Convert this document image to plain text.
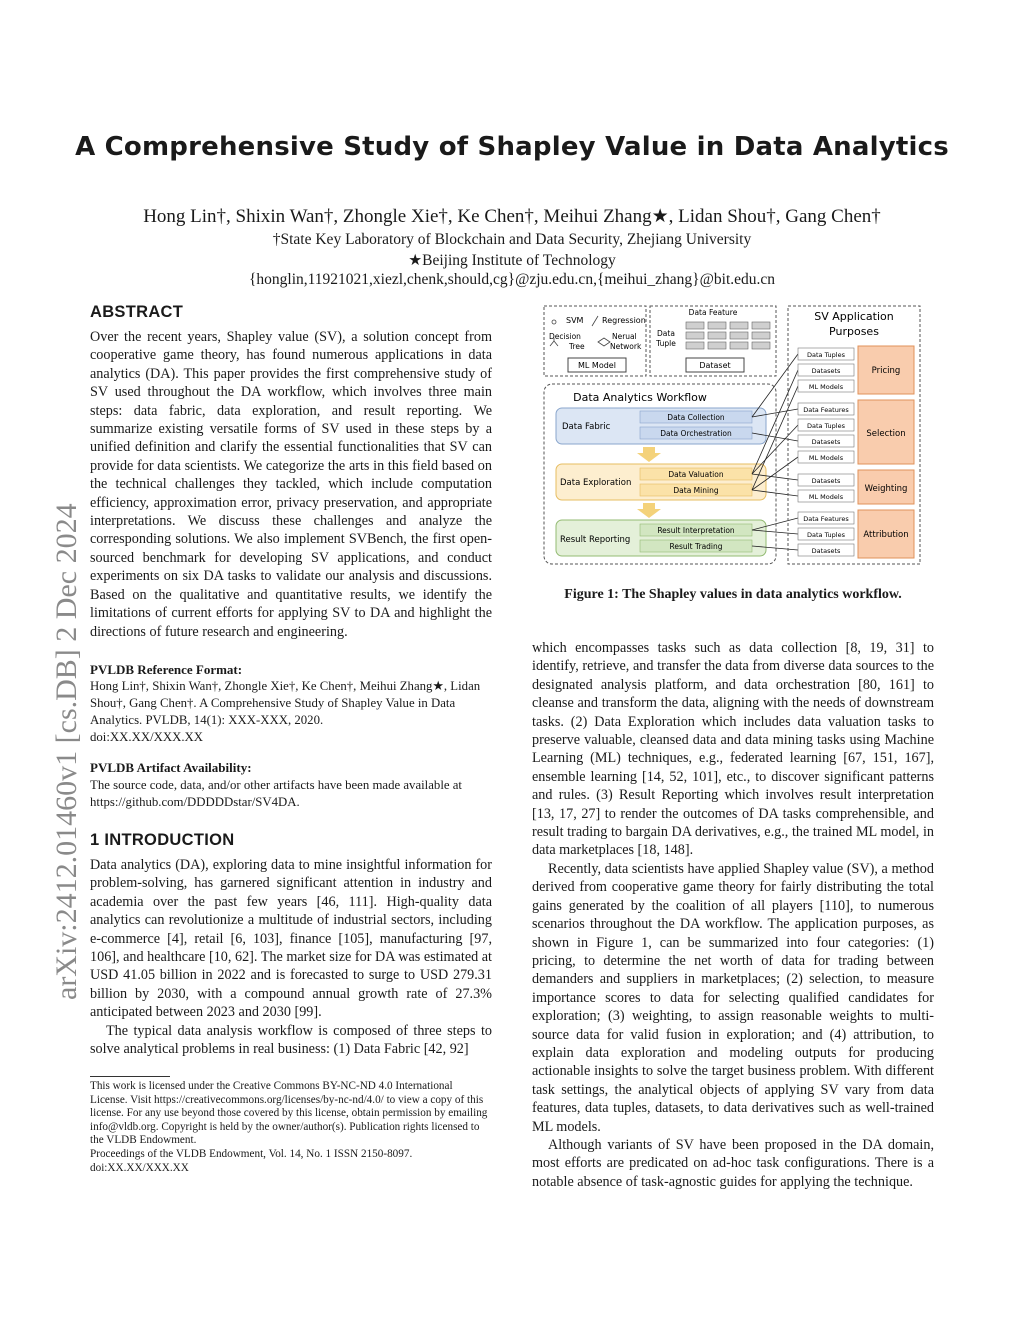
arXiv:2412.01460v1 [cs.DB] 2 Dec 2024
A Comprehensive Study of Shapley Value in Data Analytics
Hong Lin†, Shixin Wan†, Zhongle Xie†, Ke Chen†, Meihui Zhang★, Lidan Shou†, Gang Chen†
†State Key Laboratory of Blockchain and Data Security, Zhejiang University
★Beijing Institute of Technology
{honglin,11921021,xiezl,chenk,should,cg}@zju.edu.cn,{meihui_zhang}@bit.edu.cn
ABSTRACT

Over the recent years, Shapley value (SV), a solution concept from cooperative game theory, has found numerous applications in data analytics (DA). This paper provides the first comprehensive study of SV used throughout the DA workflow, which involves three main steps: data fabric, data exploration, and result reporting. We summarize existing versatile forms of SV used in these steps by a unified definition and clarify the essential functionalities that SV can provide for data scientists. We categorize the arts in this field based on the technical challenges they tackled, which include computation efficiency, approximation error, privacy preservation, and appropriate interpretations. We discuss these challenges and analyze the corresponding solutions. We also implement SVBench, the first open-sourced benchmark for developing SV applications, and conduct experiments on six DA tasks to validate our analysis and discussions. Based on the qualitative and quantitative results, we identify the limitations of current efforts for applying SV to DA and highlight the directions of future research and engineering.

PVLDB Reference Format:

Hong Lin†, Shixin Wan†, Zhongle Xie†, Ke Chen†, Meihui Zhang★, Lidan Shou†, Gang Chen†. A Comprehensive Study of Shapley Value in Data Analytics. PVLDB, 14(1): XXX-XXX, 2020.

doi:XX.XX/XXX.XX

PVLDB Artifact Availability:
The source code, data, and/or other artifacts have been made available at https://github.com/DDDDDstar/SV4DA.
1 INTRODUCTION

Data analytics (DA), exploring data to mine insightful information for problem-solving, has garnered significant attention in industry and academia over the past few years [46, 111]. High-quality data analytics can revolutionize a multitude of industrial sectors, including e-commerce [4], retail [6, 103], finance [105], manufacturing [97, 106], and healthcare [10, 62]. The market size for DA was estimated at USD 41.05 billion in 2022 and is forecasted to surge to USD 279.31 billion by 2030, with a compound annual growth rate of 27.3% anticipated between 2023 and 2030 [99].

The typical data analysis workflow is composed of three steps to solve analytical problems in real business: (1) Data Fabric [42, 92]

This work is licensed under the Creative Commons BY-NC-ND 4.0 International License. Visit https://creativecommons.org/licenses/by-nc-nd/4.0/ to view a copy of this license. For any use beyond those covered by this license, obtain permission by emailing info@vldb.org. Copyright is held by the owner/author(s). Publication rights licensed to the VLDB Endowment.
Proceedings of the VLDB Endowment, Vol. 14, No. 1 ISSN 2150-8097.
doi:XX.XX/XXX.XX
SVM Regression
Decision
Tree
Nerual
Network
ML Model
Data Feature
Data
Tuple
Dataset
Data Analytics Workflow
Data Fabric
Data Collection
Data Orchestration
Data Exploration
Data Valuation
Data Mining
Result Reporting
Result Interpretation
Result Trading
SV Application
Purposes
Pricing
Data Tuples
Datasets
ML Models
Selection
Data Features
Data Tuples
Datasets
ML Models
Weighting
Datasets
ML Models
Attribution
Data Features
Data Tuples
Datasets
Figure 1: The Shapley values in data analytics workflow.

which encompasses tasks such as data collection [8, 19, 31] to identify, retrieve, and transfer the data from diverse data sources to the designated analysis platform, and data orchestration [80, 161] to cleanse and transform the data, aligning with the needs of downstream tasks. (2) Data Exploration which includes data valuation tasks to preserve valuable, cleansed data and data mining tasks using Machine Learning (ML) techniques, e.g., federated learning [67, 151, 167], ensemble learning [14, 52, 101], etc., to discover significant patterns and rules. (3) Result Reporting which involves result interpretation [13, 17, 27] to render the outcomes of DA tasks comprehensible, and result trading to bargain DA derivatives, e.g., the trained ML model, in data marketplaces [18, 148].

Recently, data scientists have applied Shapley value (SV), a method derived from cooperative game theory for fairly distributing the total gains generated by the coalition of all players [110], to numerous scenarios throughout the DA workflow. The application purposes, as shown in Figure 1, can be summarized into four categories: (1) pricing, to determine the net worth of data for trading between demanders and suppliers in marketplaces; (2) selection, to measure importance scores to data for selecting qualified candidates for exploration; (3) weighting, to assign reasonable weights to multi-source data for valid fusion in exploration; and (4) attribution, to explain data exploration and modeling outputs for producing actionable insights to solve the target business problem. With different task settings, the analytical objects of applying SV vary from data features, data tuples, datasets, to data derivatives such as well-trained ML models.

Although variants of SV have been proposed in the DA domain, most efforts are predicated on ad-hoc task configurations. There is a notable absence of task-agnostic guides for applying the technique.
